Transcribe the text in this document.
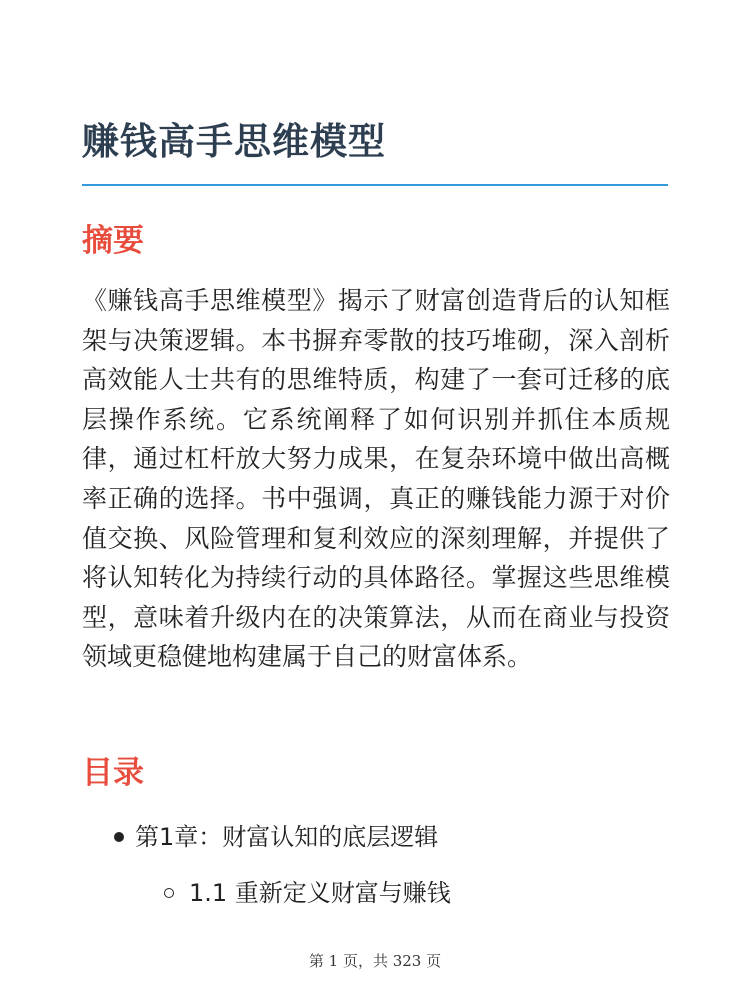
赚钱高手思维模型
摘要

《赚钱高手思维模型》揭示了财富创造背后的认知框架与决策逻辑。本书摒弃零散的技巧堆砌，深入剖析高效能人士共有的思维特质，构建了一套可迁移的底层操作系统。它系统阐释了如何识别并抓住本质规律，通过杠杆放大努力成果，在复杂环境中做出高概率正确的选择。书中强调，真正的赚钱能力源于对价值交换、风险管理和复利效应的深刻理解，并提供了将认知转化为持续行动的具体路径。掌握这些思维模型，意味着升级内在的决策算法，从而在商业与投资领域更稳健地构建属于自己的财富体系。

目录
第1章：财富认知的底层逻辑
1.1 重新定义财富与赚钱
第 1 页，共 323 页
